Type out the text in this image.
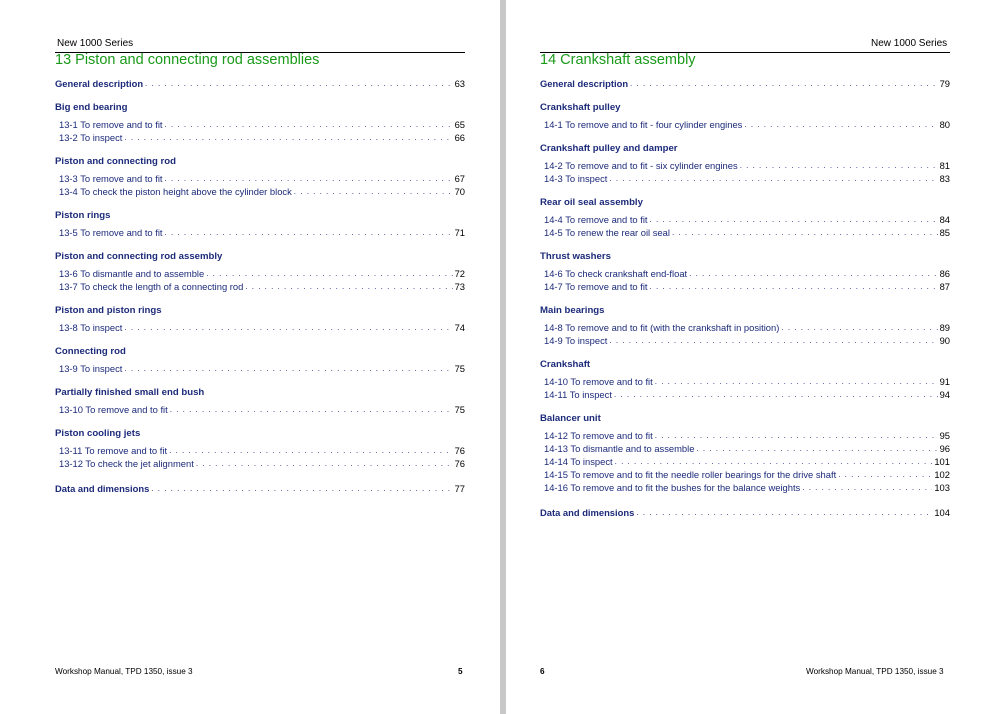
New 1000 Series
13 Piston and connecting rod assemblies
General description . . .	63
Big end bearing
13-1 To remove and to fit . . .	65
13-2 To inspect . . .	66
Piston and connecting rod
13-3 To remove and to fit . . .	67
13-4 To check the piston height above the cylinder block . . .	70
Piston rings
13-5 To remove and to fit . . .	71
Piston and connecting rod assembly
13-6 To dismantle and to assemble . . .	72
13-7 To check the length of a connecting rod . . .	73
Piston and piston rings
13-8 To inspect . . .	74
Connecting rod
13-9 To inspect . . .	75
Partially finished small end bush
13-10 To remove and to fit . . .	75
Piston cooling jets
13-11 To remove and to fit . . .	76
13-12 To check the jet alignment . . .	76
Data and dimensions . . .	77
Workshop Manual, TPD 1350, issue 3	5
New 1000 Series
14 Crankshaft assembly
General description . . .	79
Crankshaft pulley
14-1 To remove and to fit - four cylinder engines . . .	80
Crankshaft pulley and damper
14-2 To remove and to fit - six cylinder engines . . .	81
14-3 To inspect . . .	83
Rear oil seal assembly
14-4 To remove and to fit . . .	84
14-5 To renew the rear oil seal . . .	85
Thrust washers
14-6 To check crankshaft end-float . . .	86
14-7 To remove and to fit . . .	87
Main bearings
14-8 To remove and to fit (with the crankshaft in position) . . .	89
14-9 To inspect . . .	90
Crankshaft
14-10 To remove and to fit . . .	91
14-11 To inspect . . .	94
Balancer unit
14-12 To remove and to fit . . .	95
14-13 To dismantle and to assemble . . .	96
14-14 To inspect . . .	101
14-15 To remove and to fit the needle roller bearings for the drive shaft . . .	102
14-16 To remove and to fit the bushes for the balance weights . . .	103
Data and dimensions . . .	104
6	Workshop Manual, TPD 1350, issue 3
